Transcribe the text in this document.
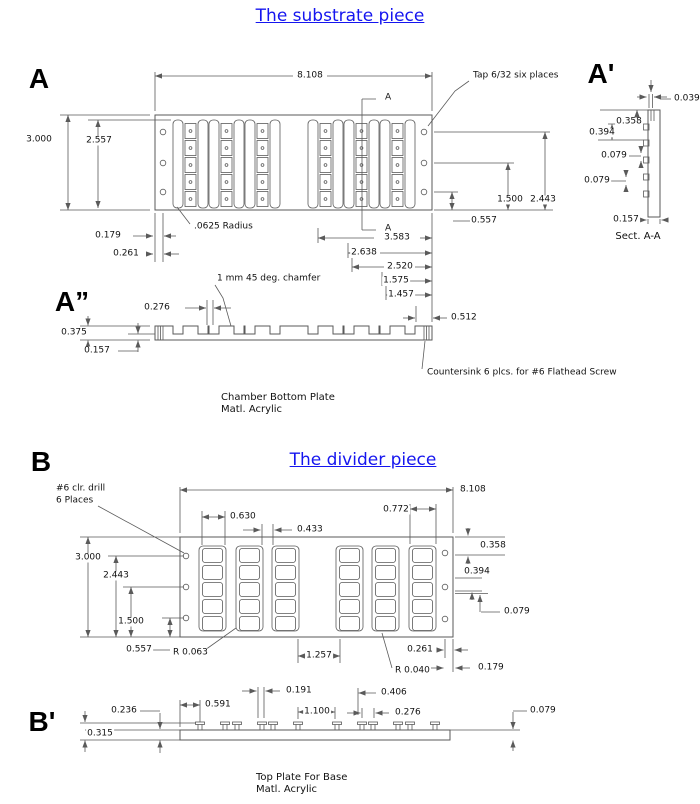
The substrate piece
The divider piece
A	A'
A”
B
B'
8.108
3.000	2.557
Tap 6/32 six places
A
A
2.443
1.500
0.557
0.179
0.261
.0625 Radius
3.583
2.638
2.520
1.575
1.457
0.512
1 mm 45 deg. chamfer
0.276
0.375
0.157
Countersink 6 plcs. for #6 Flathead Screw
Chamber Bottom Plate
Matl. Acrylic
0.039
0.358
0.394
0.079
0.079
0.157
Sect. A-A
#6 clr. drill
6 Places
8.108
0.630
0.433
0.772
0.358
0.394
0.079
0.261
0.179
R 0.040
R 0.063	1.257
3.000
2.443
1.500
0.557
0.315
0.236
0.591
0.191
1.100
0.406
0.276	0.079
Top Plate For Base
Matl. Acrylic
